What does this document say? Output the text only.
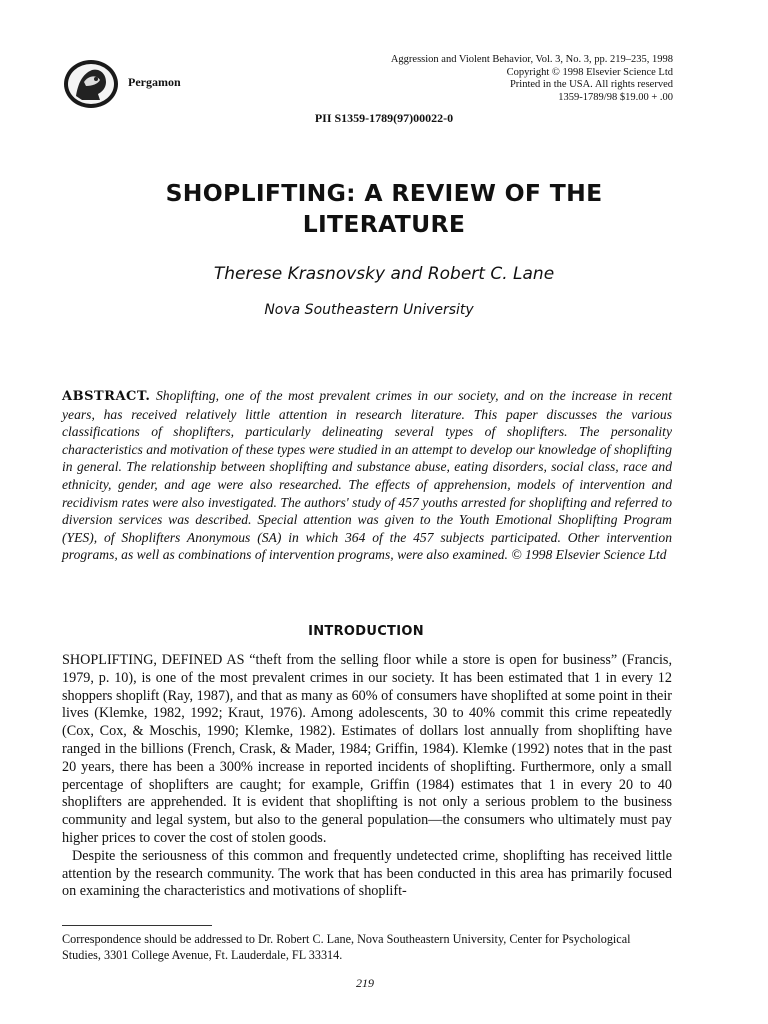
Pergamon
Aggression and Violent Behavior, Vol. 3, No. 3, pp. 219–235, 1998
Copyright © 1998 Elsevier Science Ltd
Printed in the USA. All rights reserved
1359-1789/98 $19.00 + .00
PII S1359-1789(97)00022-0
SHOPLIFTING: A REVIEW OF THE
LITERATURE
Therese Krasnovsky and Robert C. Lane
Nova Southeastern University
ABSTRACT. Shoplifting, one of the most prevalent crimes in our society, and on the increase in recent years, has received relatively little attention in research literature. This paper discusses the various classifications of shoplifters, particularly delineating several types of shoplifters. The personality characteristics and motivation of these types were studied in an attempt to develop our knowledge of shoplifting in general. The relationship between shoplifting and substance abuse, eating disorders, social class, race and ethnicity, gender, and age were also researched. The effects of apprehension, models of intervention and recidivism rates were also investigated. The authors' study of 457 youths arrested for shoplifting and referred to diversion services was described. Special attention was given to the Youth Emotional Shoplifting Program (YES), of Shoplifters Anonymous (SA) in which 364 of the 457 subjects participated. Other intervention programs, as well as combinations of intervention programs, were also examined. © 1998 Elsevier Science Ltd
INTRODUCTION

SHOPLIFTING, DEFINED AS “theft from the selling floor while a store is open for business” (Francis, 1979, p. 10), is one of the most prevalent crimes in our society. It has been estimated that 1 in every 12 shoppers shoplift (Ray, 1987), and that as many as 60% of consumers have shoplifted at some point in their lives (Klemke, 1982, 1992; Kraut, 1976). Among adolescents, 30 to 40% commit this crime repeatedly (Cox, Cox, & Moschis, 1990; Klemke, 1982). Estimates of dollars lost annually from shoplifting have ranged in the billions (French, Crask, & Mader, 1984; Griffin, 1984). Klemke (1992) notes that in the past 20 years, there has been a 300% increase in reported incidents of shoplifting. Furthermore, only a small percentage of shoplifters are caught; for example, Griffin (1984) estimates that 1 in every 20 to 40 shoplifters are apprehended. It is evident that shoplifting is not only a serious problem to the business community and legal system, but also to the general population—the consumers who ultimately must pay higher prices to cover the cost of stolen goods.

Despite the seriousness of this common and frequently undetected crime, shoplifting has received little attention by the research community. The work that has been conducted in this area has primarily focused on examining the characteristics and motivations of shoplift-

Correspondence should be addressed to Dr. Robert C. Lane, Nova Southeastern University, Center for Psychological Studies, 3301 College Avenue, Ft. Lauderdale, FL 33314.
219
